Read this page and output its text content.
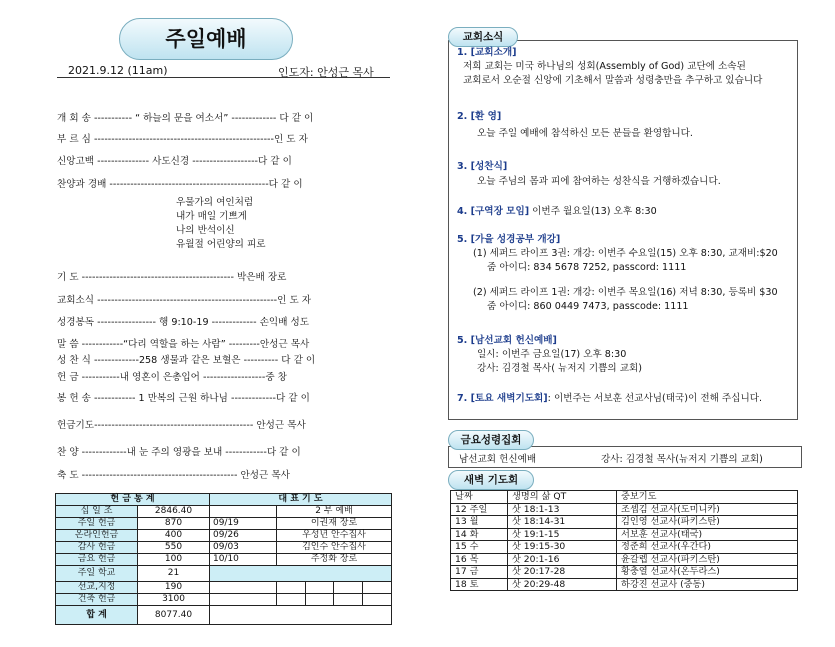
주일예배
2021.9.12 (11am)	인도자: 안성근 목사
개 회 송 ----------- “ 하늘의 문을 여소서” ------------- 다 같 이
부 르 심 ----------------------------------------------------인 도 자
신앙고백 --------------- 사도신경 -------------------다 같 이
찬양과 경배 ----------------------------------------------다 같 이
우물가의 여인처럼
내가 매일 기쁘게
나의 반석이신
유월절 어린양의 피로
기 도 -------------------------------------------- 박은배 장로
교회소식 ----------------------------------------------------인 도 자
성경봉독 ----------------- 행 9:10-19 ------------- 손익배 성도
말 씀 ------------“다리 역할을 하는 사람” ---------안성근 목사
성 찬 식 -------------258 생물과 같은 보혈은 ---------- 다 같 이
헌 금 -----------내 영혼이 은총입어 ------------------중 창
봉 헌 송 ------------ 1 만복의 근원 하나님 -------------다 같 이
헌금기도---------------------------------------------- 안성근 목사
찬 양 -------------내 눈 주의 영광을 보내 ------------다 같 이
축 도 --------------------------------------------- 안성근 목사
헌 금 통 계		대 표 기 도				
십 일 조	2846.40		2 부 예배			
주일 헌금	870	09/19	이권재 장로			
온라인헌금	400	09/26	우성년 안수집사			
감사 헌금	550	09/03	김인수 안수집사			
금요 헌금	100	10/10	주정화 장로			
주일 학교	21					
선교,지정	190					
건축 헌금	3100					
합 계	8077.40					
교회소식
1. [교회소개]
저희 교회는 미국 하나님의 성회(Assembly of God) 교단에 소속된
교회로서 오순절 신앙에 기초해서 말씀과 성령충만을 추구하고 있습니다
2. [환 영]
오늘 주일 예배에 참석하신 모든 분들을 환영합니다.
3. [성찬식]
오늘 주님의 몸과 피에 참여하는 성찬식을 거행하겠습니다.
4. [구역장 모임] 이번주 월요일(13) 오후 8:30
5. [가을 성경공부 개강]
(1) 세퍼드 라이프 3권: 개강: 이번주 수요일(15) 오후 8:30, 교재비:$20
줌 아이디: 834 5678 7252, passcord: 1111
(2) 세퍼드 라이프 1권: 개강: 이번주 목요일(16) 저녁 8:30, 등록비 $30
줌 아이디: 860 0449 7473, passcode: 1111
5. [남선교회 헌신예배]
일시: 이번주 금요일(17) 오후 8:30
강사: 김경철 목사( 뉴저지 기쁨의 교회)
7. [토요 새벽기도회]: 이번주는 서보훈 선교사님(태국)이 전해 주십니다.
남선교회 헌신예배	강사: 김경철 목사(뉴저지 기쁨의 교회)
금요성령집회
새벽 기도회
날짜	생명의 삶 QT	중보기도
12 주일	삿 18:1-13	조셉김 선교사(도미니카)
13 월	삿 18:14-31	김인영 선교사(파키스탄)
14 화	삿 19:1-15	서보훈 선교사(태국)
15 수	삿 19:15-30	정준희 선교사(우간다)
16 목	삿 20:1-16	윤갈렙 선교사(파키스탄)
17 금	삿 20:17-28	황충열 선교사(온두라스)
18 토	삿 20:29-48	하강진 선교사 (중동)
